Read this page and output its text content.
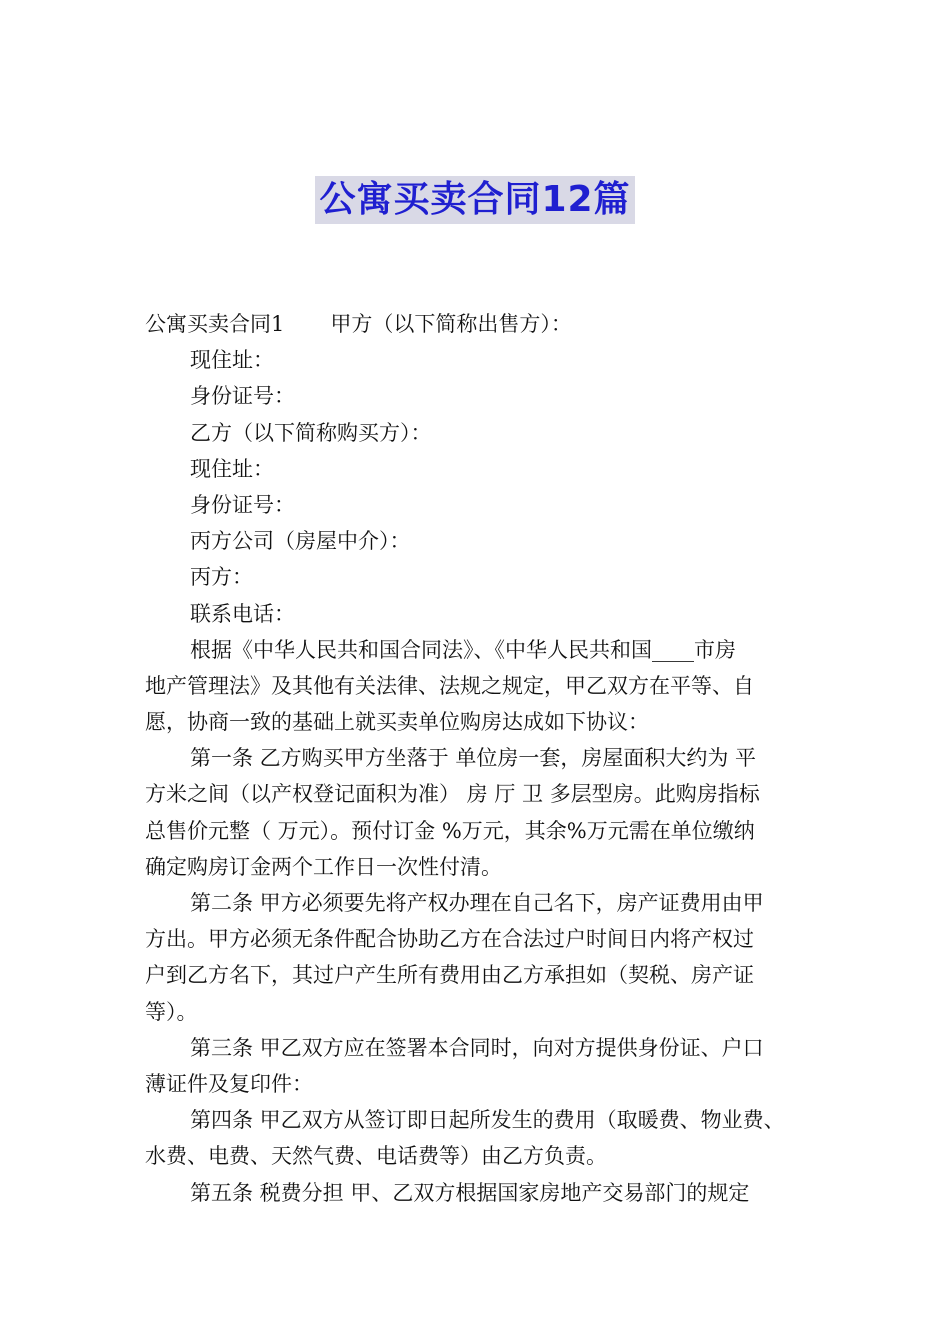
公寓买卖合同12篇
公寓买卖合同1 甲方（以下简称出售方）：
现住址：
身份证号：
乙方（以下简称购买方）：
现住址：
身份证号：
丙方公司（房屋中介）：
丙方：
联系电话：
根据《中华人民共和国合同法》、《中华人民共和国____市房
地产管理法》及其他有关法律、法规之规定，甲乙双方在平等、自
愿，协商一致的基础上就买卖单位购房达成如下协议：
第一条 乙方购买甲方坐落于 单位房一套，房屋面积大约为 平
方米之间（以产权登记面积为准） 房 厅 卫 多层型房。此购房指标
总售价元整（ 万元）。预付订金 %万元，其余%万元需在单位缴纳
确定购房订金两个工作日一次性付清。
第二条 甲方必须要先将产权办理在自己名下，房产证费用由甲
方出。甲方必须无条件配合协助乙方在合法过户时间日内将产权过
户到乙方名下，其过户产生所有费用由乙方承担如（契税、房产证
等）。
第三条 甲乙双方应在签署本合同时，向对方提供身份证、户口
薄证件及复印件：
第四条 甲乙双方从签订即日起所发生的费用（取暖费、物业费、
水费、电费、天然气费、电话费等）由乙方负责。
第五条 税费分担 甲、乙双方根据国家房地产交易部门的规定
